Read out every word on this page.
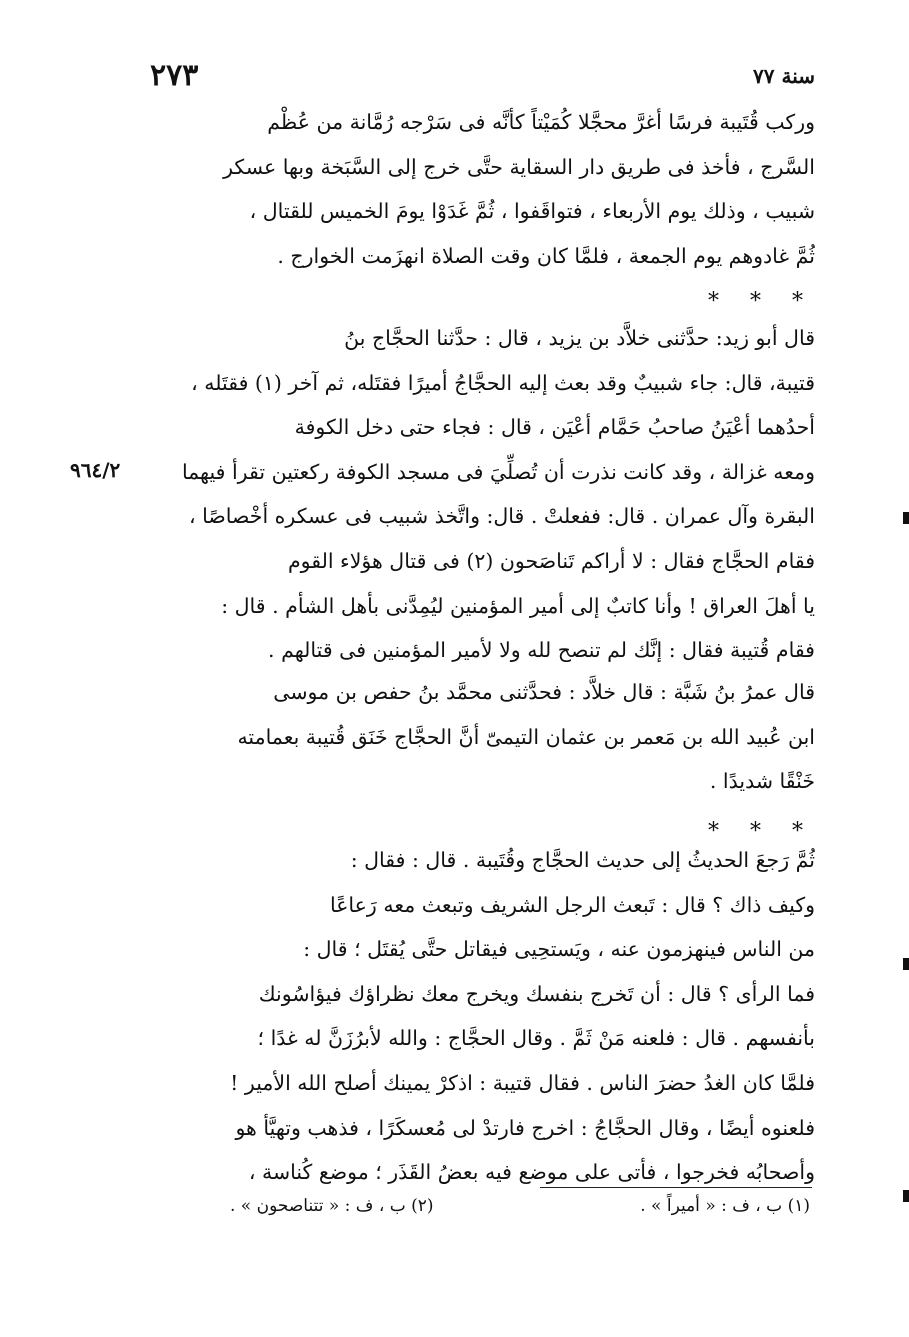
٢٧٣	سنة ٧٧
وركب قُتَيبة فرسًا أغرَّ محجَّلا كُمَيْتاً كأنَّه فى سَرْجه رُمَّانة من عُظْم
السَّرج ، فأخذ فى طريق دار السقاية حتَّى خرج إلى السَّبَخة وبها عسكر
شبيب ، وذلك يوم الأربعاء ، فتواقَفوا ، ثُمَّ غَدَوْا يومَ الخميس للقتال ،
ثُمَّ غادوهم يوم الجمعة ، فلمَّا كان وقت الصلاة انهزَمت الخوارج .
* * *
قال أبو زيد: حدَّثنى خلاَّد بن يزيد ، قال : حدَّثنا الحجَّاج بنُ
قتيبة، قال: جاء شبيبٌ وقد بعث إليه الحجَّاجُ أميرًا فقتَله، ثم آخر (١) فقتَله ،
أحدُهما أعْيَنُ صاحبُ حَمَّام أعْيَن ، قال : فجاء حتى دخل الكوفة
ومعه غزالة ، وقد كانت نذرت أن تُصلِّيَ فى مسجد الكوفة ركعتين تقرأ فيهما
البقرة وآل عمران . قال: ففعلتْ . قال: واتَّخذ شبيب فى عسكره أخْصاصًا ،
فقام الحجَّاج فقال : لا أراكم تَناصَحون (٢) فى قتال هؤلاء القوم
يا أهلَ العراق ! وأنا كاتبٌ إلى أمير المؤمنين ليُمِدَّنى بأهل الشأم . قال :
فقام قُتيبة فقال : إنَّك لم تنصح لله ولا لأمير المؤمنين فى قتالهم .
قال عمرُ بنُ شَبَّة : قال خلاَّد : فحدَّثنى محمَّد بنُ حفص بن موسى
ابن عُبيد الله بن مَعمر بن عثمان التيمىّ أنَّ الحجَّاج خَنَق قُتيبة بعمامته
خَنْقًا شديدًا .
* * *
ثُمَّ رَجعَ الحديثُ إلى حديث الحجَّاج وقُتَيبة . قال : فقال :
وكيف ذاك ؟ قال : تَبعث الرجل الشريف وتبعث معه رَعاعًا
من الناس فينهزمون عنه ، ويَستحِيى فيقاتل حتَّى يُقتَل ؛ قال :
فما الرأى ؟ قال : أن تَخرج بنفسك ويخرج معك نظراؤك فيؤاسُونك
بأنفسهم . قال : فلعنه مَنْ ثَمَّ . وقال الحجَّاج : والله لأبرُزَنَّ له غدًا ؛
فلمَّا كان الغدُ حضرَ الناس . فقال قتيبة : اذكرْ يمينك أصلح الله الأمير !
فلعنوه أيضًا ، وقال الحجَّاجُ : اخرج فارتدْ لى مُعسكَرًا ، فذهب وتهيَّأ هو
وأصحابُه فخرجوا ، فأتى على موضع فيه بعضُ القَذَر ؛ موضع كُناسة ،
٩٦٤/٢
(١) ب ، ف : « أميراً » .
(٢) ب ، ف : « تتناصحون » .
